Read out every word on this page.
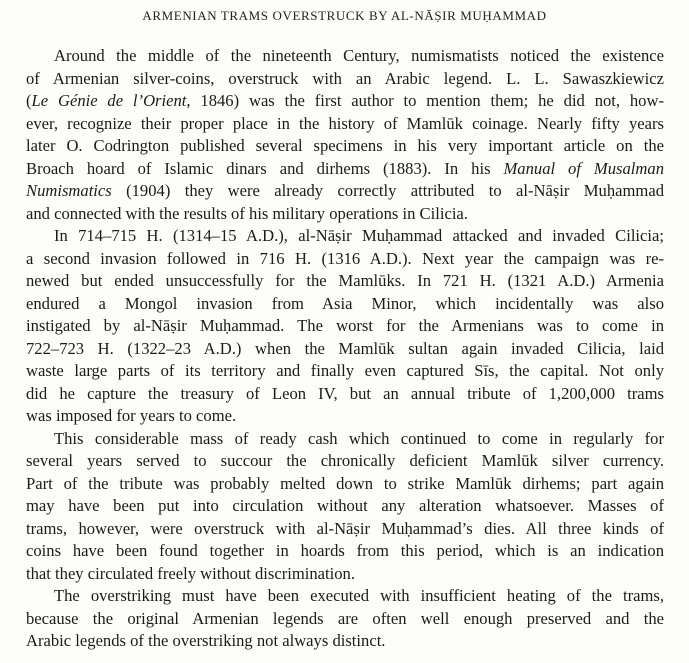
ARMENIAN TRAMS OVERSTRUCK BY AL-NĀṢIR MUḤAMMAD
Around the middle of the nineteenth Century, numismatists noticed the existence
of Armenian silver-coins, overstruck with an Arabic legend. L. L. Sawaszkiewicz
(Le Génie de l’Orient, 1846) was the first author to mention them; he did not, how-
ever, recognize their proper place in the history of Mamlūk coinage. Nearly fifty years
later O. Codrington published several specimens in his very important article on the
Broach hoard of Islamic dinars and dirhems (1883). In his Manual of Musalman
Numismatics (1904) they were already correctly attributed to al-Nāṣir Muḥammad
and connected with the results of his military operations in Cilicia.
In 714–715 H. (1314–15 A.D.), al-Nāṣir Muḥammad attacked and invaded Cilicia;
a second invasion followed in 716 H. (1316 A.D.). Next year the campaign was re-
newed but ended unsuccessfully for the Mamlūks. In 721 H. (1321 A.D.) Armenia
endured a Mongol invasion from Asia Minor, which incidentally was also
instigated by al-Nāṣir Muḥammad. The worst for the Armenians was to come in
722–723 H. (1322–23 A.D.) when the Mamlūk sultan again invaded Cilicia, laid
waste large parts of its territory and finally even captured Sīs, the capital. Not only
did he capture the treasury of Leon IV, but an annual tribute of 1,200,000 trams
was imposed for years to come.
This considerable mass of ready cash which continued to come in regularly for
several years served to succour the chronically deficient Mamlūk silver currency.
Part of the tribute was probably melted down to strike Mamlūk dirhems; part again
may have been put into circulation without any alteration whatsoever. Masses of
trams, however, were overstruck with al-Nāṣir Muḥammad’s dies. All three kinds of
coins have been found together in hoards from this period, which is an indication
that they circulated freely without discrimination.
The overstriking must have been executed with insufficient heating of the trams,
because the original Armenian legends are often well enough preserved and the
Arabic legends of the overstriking not always distinct.
